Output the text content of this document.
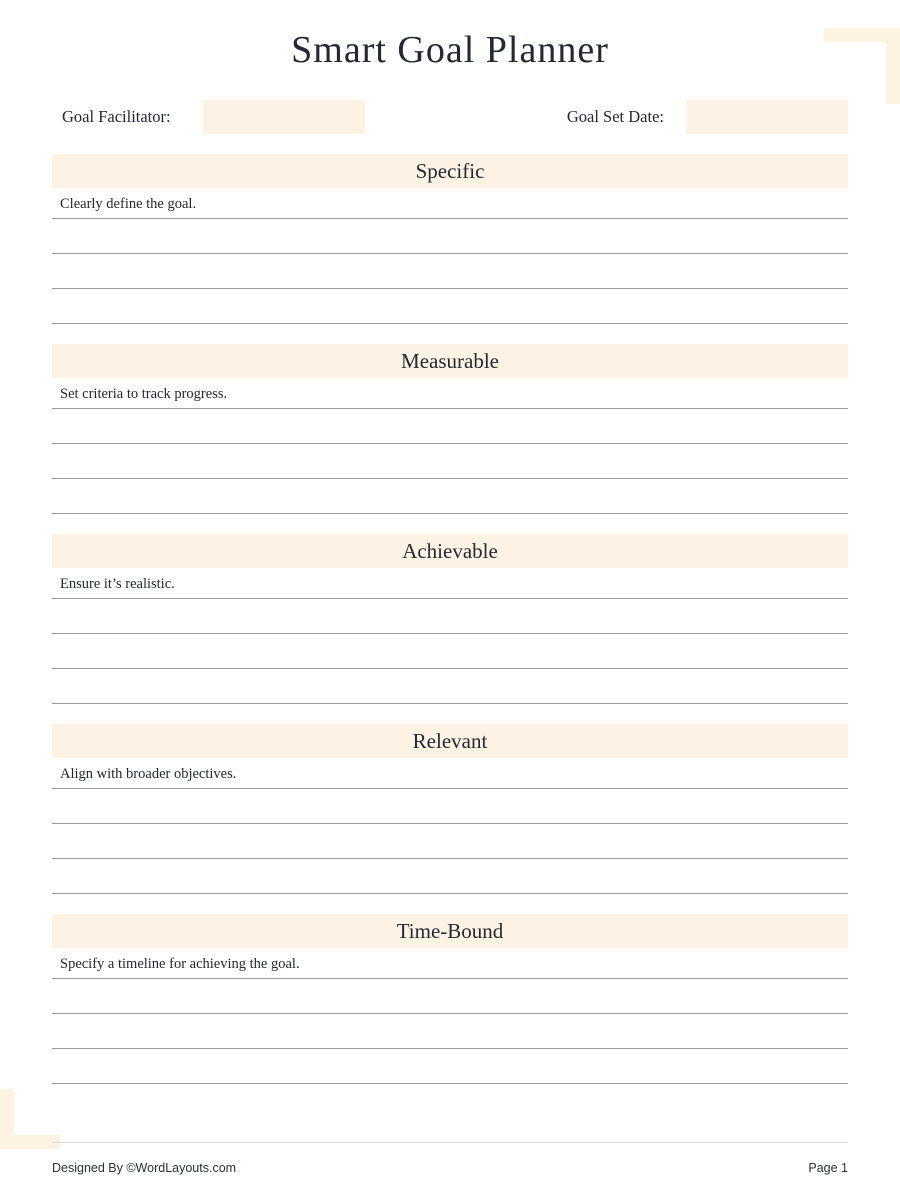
Smart Goal Planner
Goal Facilitator:	Goal Set Date:
Specific
Clearly define the goal.
Measurable
Set criteria to track progress.
Achievable
Ensure it’s realistic.
Relevant
Align with broader objectives.
Time-Bound
Specify a timeline for achieving the goal.
Designed By ©WordLayouts.com	Page 1
